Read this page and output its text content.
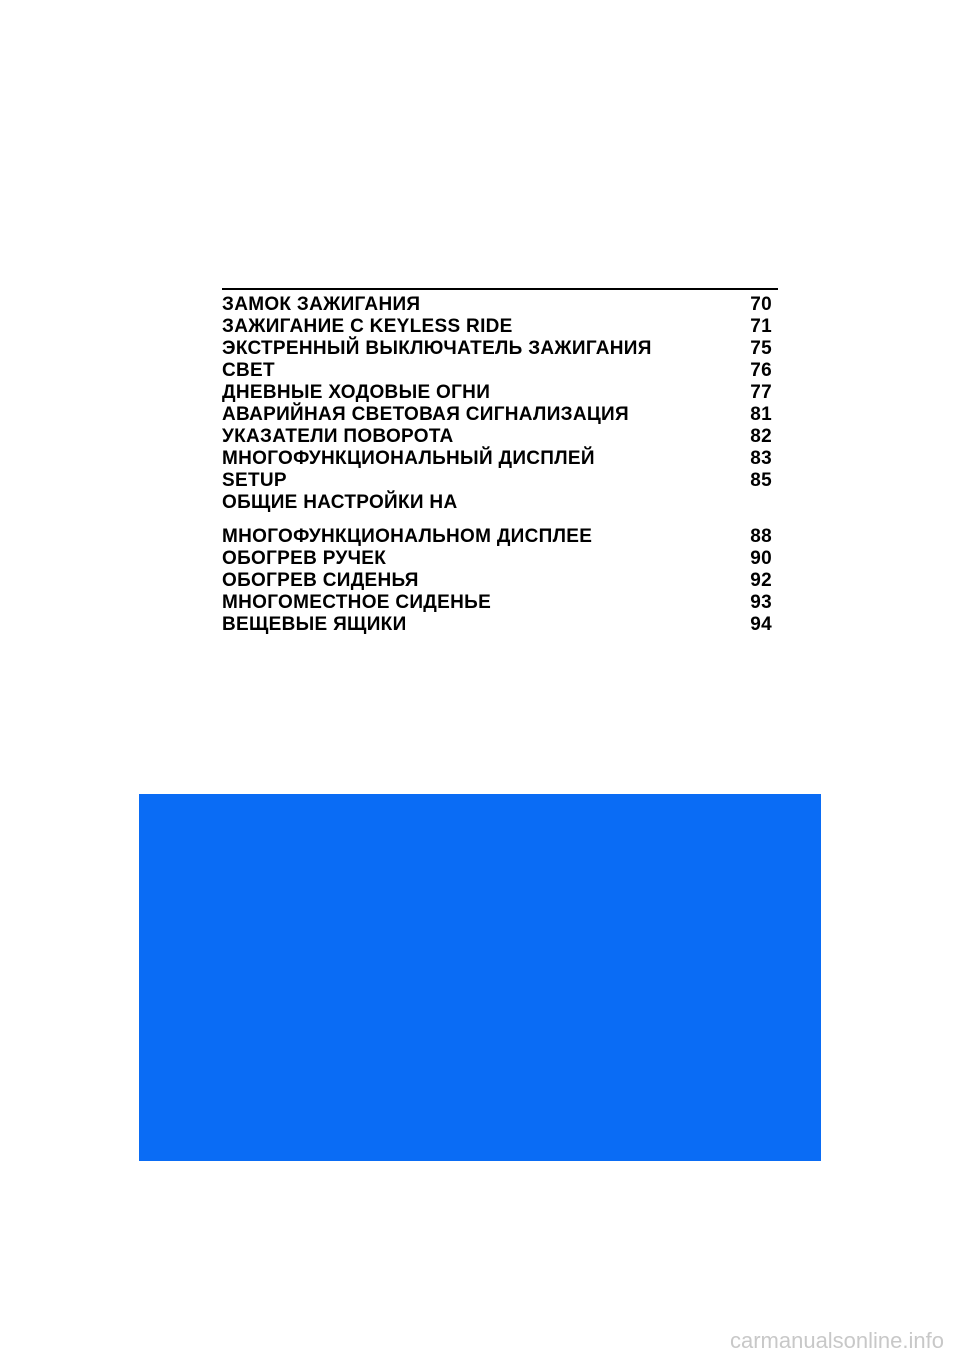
ЗАМОК ЗАЖИГАНИЯ	70
ЗАЖИГАНИЕ С KEYLESS RIDE	71
ЭКСТРЕННЫЙ ВЫКЛЮЧАТЕЛЬ ЗАЖИГАНИЯ	75
СВЕТ	76
ДНЕВНЫЕ ХОДОВЫЕ ОГНИ	77
АВАРИЙНАЯ СВЕТОВАЯ СИГНАЛИЗАЦИЯ	81
УКАЗАТЕЛИ ПОВОРОТА	82
МНОГОФУНКЦИОНАЛЬНЫЙ ДИСПЛЕЙ	83
SETUP	85
ОБЩИЕ НАСТРОЙКИ НА
МНОГОФУНКЦИОНАЛЬНОМ ДИСПЛЕЕ	88
ОБОГРЕВ РУЧЕК	90
ОБОГРЕВ СИДЕНЬЯ	92
МНОГОМЕСТНОЕ СИДЕНЬЕ	93
ВЕЩЕВЫЕ ЯЩИКИ	94
carmanualsonline.info
